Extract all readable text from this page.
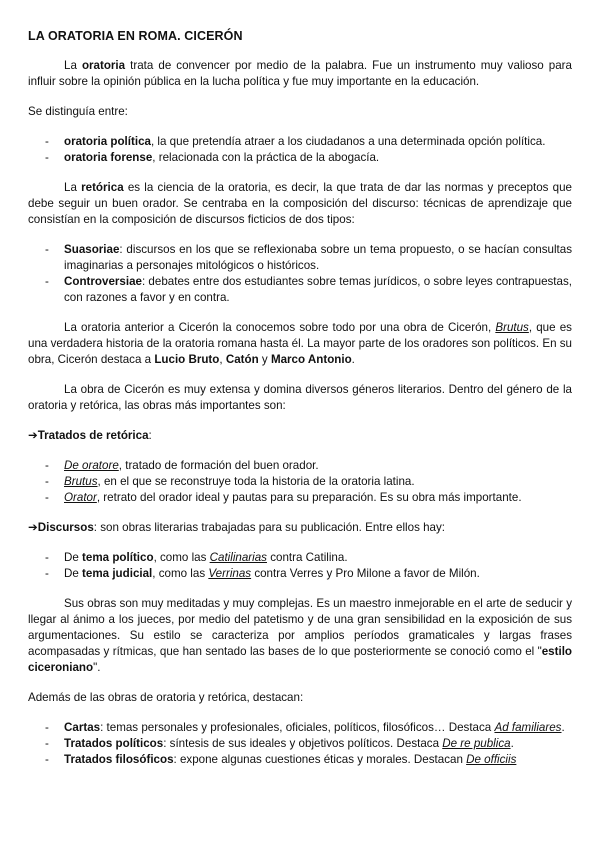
LA ORATORIA EN ROMA. CICERÓN

La oratoria trata de convencer por medio de la palabra. Fue un instrumento muy valioso para influir sobre la opinión pública en la lucha política y fue muy importante en la educación.

Se distinguía entre:

- oratoria política, la que pretendía atraer a los ciudadanos a una determinada opción política.
- oratoria forense, relacionada con la práctica de la abogacía.

La retórica es la ciencia de la oratoria, es decir, la que trata de dar las normas y preceptos que debe seguir un buen orador. Se centraba en la composición del discurso: técnicas de aprendizaje que consistían en la composición de discursos ficticios de dos tipos:

- Suasoriae: discursos en los que se reflexionaba sobre un tema propuesto, o se hacían consultas imaginarias a personajes mitológicos o históricos.
- Controversiae: debates entre dos estudiantes sobre temas jurídicos, o sobre leyes contrapuestas, con razones a favor y en contra.

La oratoria anterior a Cicerón la conocemos sobre todo por una obra de Cicerón, Brutus, que es una verdadera historia de la oratoria romana hasta él. La mayor parte de los oradores son políticos. En su obra, Cicerón destaca a Lucio Bruto, Catón y Marco Antonio.

La obra de Cicerón es muy extensa y domina diversos géneros literarios. Dentro del género de la oratoria y retórica, las obras más importantes son:

➔Tratados de retórica:

- De oratore, tratado de formación del buen orador.
- Brutus, en el que se reconstruye toda la historia de la oratoria latina.
- Orator, retrato del orador ideal y pautas para su preparación. Es su obra más importante.

➔Discursos: son obras literarias trabajadas para su publicación. Entre ellos hay:

- De tema político, como las Catilinarias contra Catilina.
- De tema judicial, como las Verrinas contra Verres y Pro Milone a favor de Milón.

Sus obras son muy meditadas y muy complejas. Es un maestro inmejorable en el arte de seducir y llegar al ánimo a los jueces, por medio del patetismo y de una gran sensibilidad en la exposición de sus argumentaciones. Su estilo se caracteriza por amplios períodos gramaticales y largas frases acompasadas y rítmicas, que han sentado las bases de lo que posteriormente se conoció como el "estilo ciceroniano".

Además de las obras de oratoria y retórica, destacan:

- Cartas: temas personales y profesionales, oficiales, políticos, filosóficos… Destaca Ad familiares.
- Tratados políticos: síntesis de sus ideales y objetivos políticos. Destaca De re publica.
- Tratados filosóficos: expone algunas cuestiones éticas y morales. Destacan De officiis
